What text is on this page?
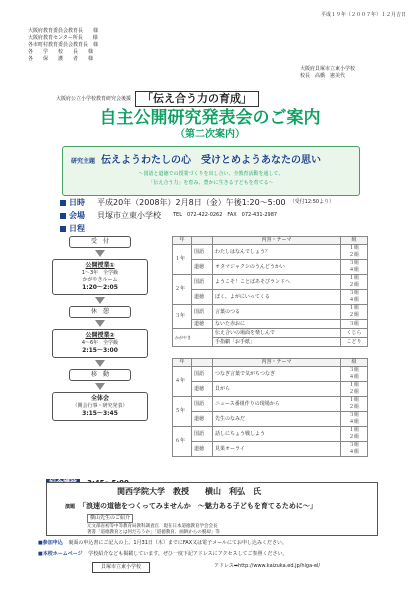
平成１９年（２００７年）１２月吉日
大阪府教育委員会教育長　　様
大阪府教育センター所長　　様
各市町村教育委員会教育長　様
各　　学　　校　　長　　様
各　　保　　護　　者　　様
大阪府貝塚市立東小学校
校長　高橋　憲美代
大阪府公立小学校教育研究会後援	「伝え合う力の育成」
自主公開研究発表会のご案内
（第二次案内）
研究主題 伝えようわたしの心　受けとめようあなたの思い
～国語と道徳での授業づくりを出し合い、全教育活動を通して、
「伝え合う力」を育み、豊かに生きる子どもを育てる～
日時	平成20年（2008年）2月8日（金）午後1:20～5:00 （受付12:50より）
会場	貝塚市立東小学校 TEL　072-422-0262　FAX　072-431-2987
日程
受　付
公開授業①
1～3年　全学級
かがやきルーム
1:20～2:05
休　憩
公開授業②
4～6年　全学級
2:15～3:00
移　動
全体会
（開会行事・研究発表）
3:15～3:45
年		内容・テーマ	組
１年	国語	わたしはなんでしょう？	１組
２組
	道徳	オタマジャクシのうんどうかい	３組
４組
２年	国語	ようこそ！ことばあそびランドへ	１組
２組
	道徳	ぼく、よがにいってくる	３組
４組
３年	国語	言葉のつる	１組
２組
	道徳	ないた赤おに	３組
かがやき		伝え合いの場面を楽しんで	くじら
		手指劇「お手紙」	こどり
年		内容・テーマ	組
４年	国語	つなぎ言葉で気がちつなぎ	３組
４組
	道徳	貝がら	１組
２組
５年	国語	ニュース番組作りの現場から	１組
２組
	道徳	先生のなみだ	３組
４組
６年	国語	話しにちょう戦しよう	１組
２組
	道徳	見果オーライ	３組
４組
関西学院大学　教授　　横山　利弘　氏
演題 「浪速の道徳をつくってみませんか　～魅力ある子どもを育てるために～」
横山先生のご紹介
元文部省初等中等教育局教科調査官　現在日本道徳教育学会会長
著書「道徳教育とは何だろうか」「道徳教育、画餅からの脱却」等
■参加申込 裏面の申込書にご記入の上、1月31日（木）までにFAX又は電子メールにてお申し込みください。
■本校ホームページ 学校紹介なども掲載しています。ぜひ一度下記アドレスにアクセスしてご参照ください。
貝塚市立東小学校	アドレス➡http://www.kaizuka.ed.jp/higa-el/
